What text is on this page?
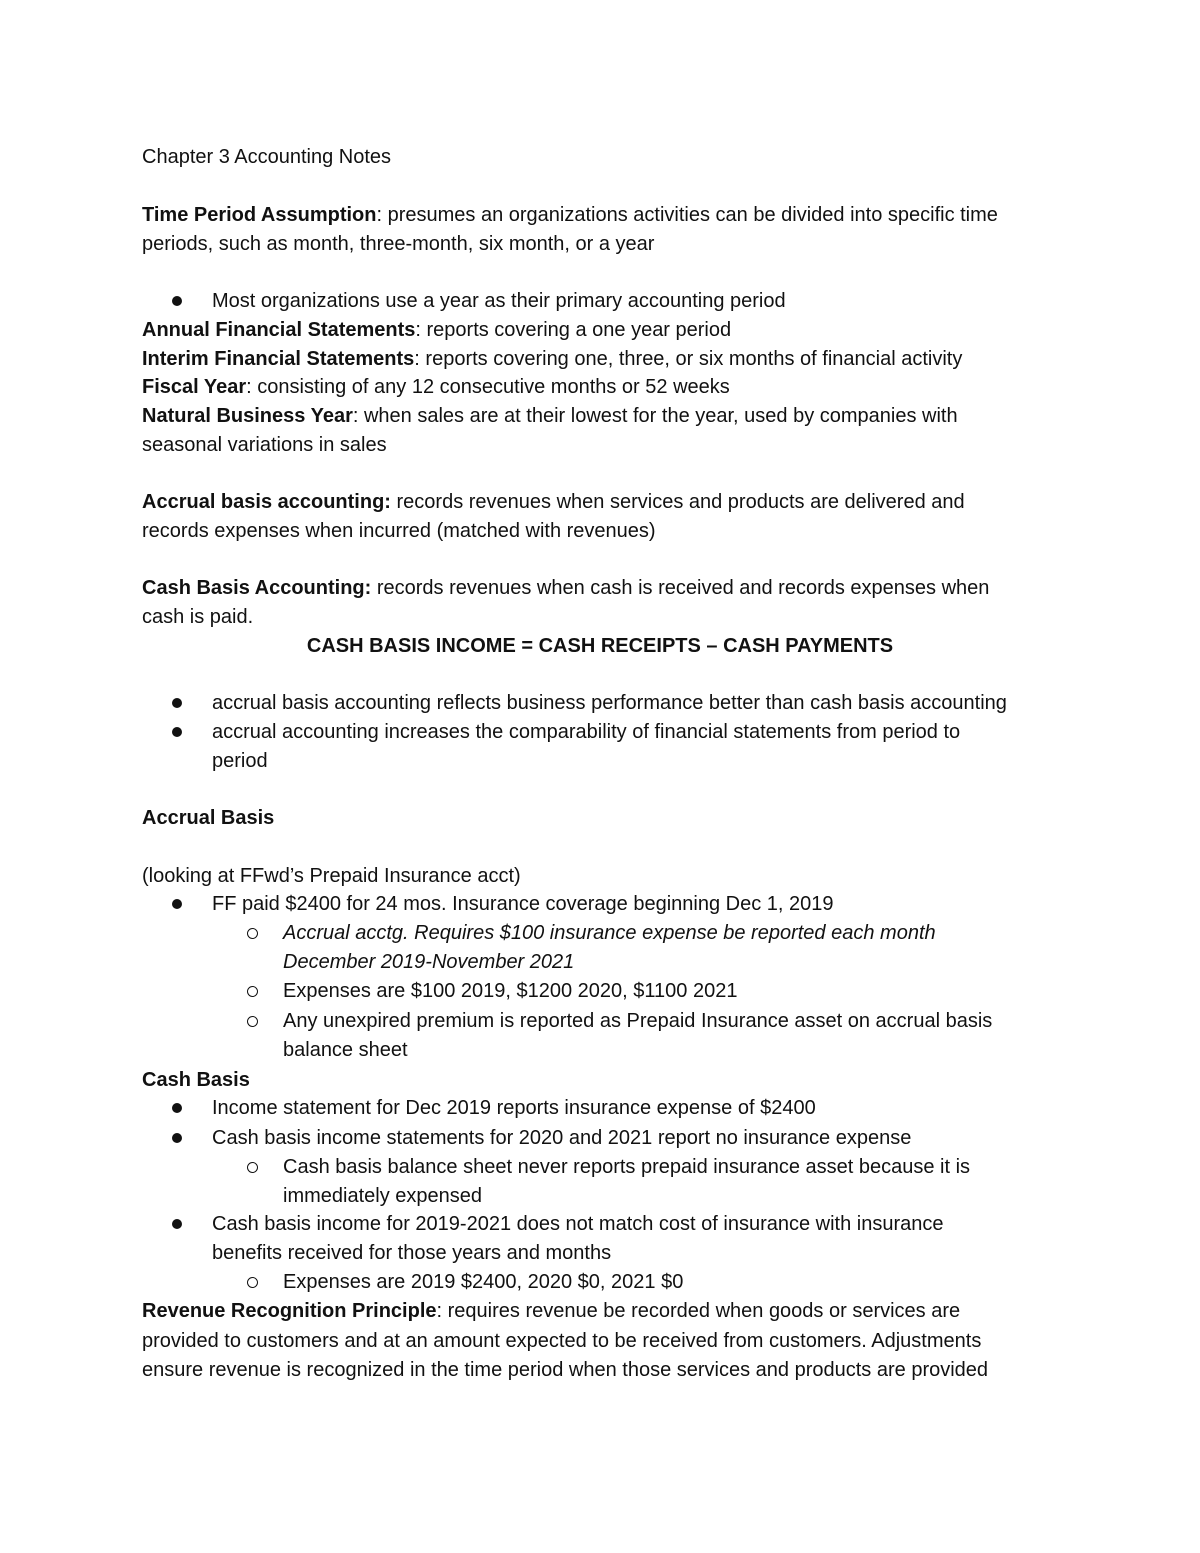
Chapter 3 Accounting Notes
Time Period Assumption: presumes an organizations activities can be divided into specific time
periods, such as month, three-month, six month, or a year
Most organizations use a year as their primary accounting period
Annual Financial Statements: reports covering a one year period
Interim Financial Statements: reports covering one, three, or six months of financial activity
Fiscal Year: consisting of any 12 consecutive months or 52 weeks
Natural Business Year: when sales are at their lowest for the year, used by companies with
seasonal variations in sales
Accrual basis accounting: records revenues when services and products are delivered and
records expenses when incurred (matched with revenues)
Cash Basis Accounting: records revenues when cash is received and records expenses when
cash is paid.
CASH BASIS INCOME = CASH RECEIPTS – CASH PAYMENTS
accrual basis accounting reflects business performance better than cash basis accounting
accrual accounting increases the comparability of financial statements from period to
period
Accrual Basis
(looking at FFwd’s Prepaid Insurance acct)
FF paid $2400 for 24 mos. Insurance coverage beginning Dec 1, 2019
Accrual acctg. Requires $100 insurance expense be reported each month
December 2019-November 2021
Expenses are $100 2019, $1200 2020, $1100 2021
Any unexpired premium is reported as Prepaid Insurance asset on accrual basis
balance sheet
Cash Basis
Income statement for Dec 2019 reports insurance expense of $2400
Cash basis income statements for 2020 and 2021 report no insurance expense
Cash basis balance sheet never reports prepaid insurance asset because it is
immediately expensed
Cash basis income for 2019-2021 does not match cost of insurance with insurance
benefits received for those years and months
Expenses are 2019 $2400, 2020 $0, 2021 $0
Revenue Recognition Principle: requires revenue be recorded when goods or services are
provided to customers and at an amount expected to be received from customers. Adjustments
ensure revenue is recognized in the time period when those services and products are provided
